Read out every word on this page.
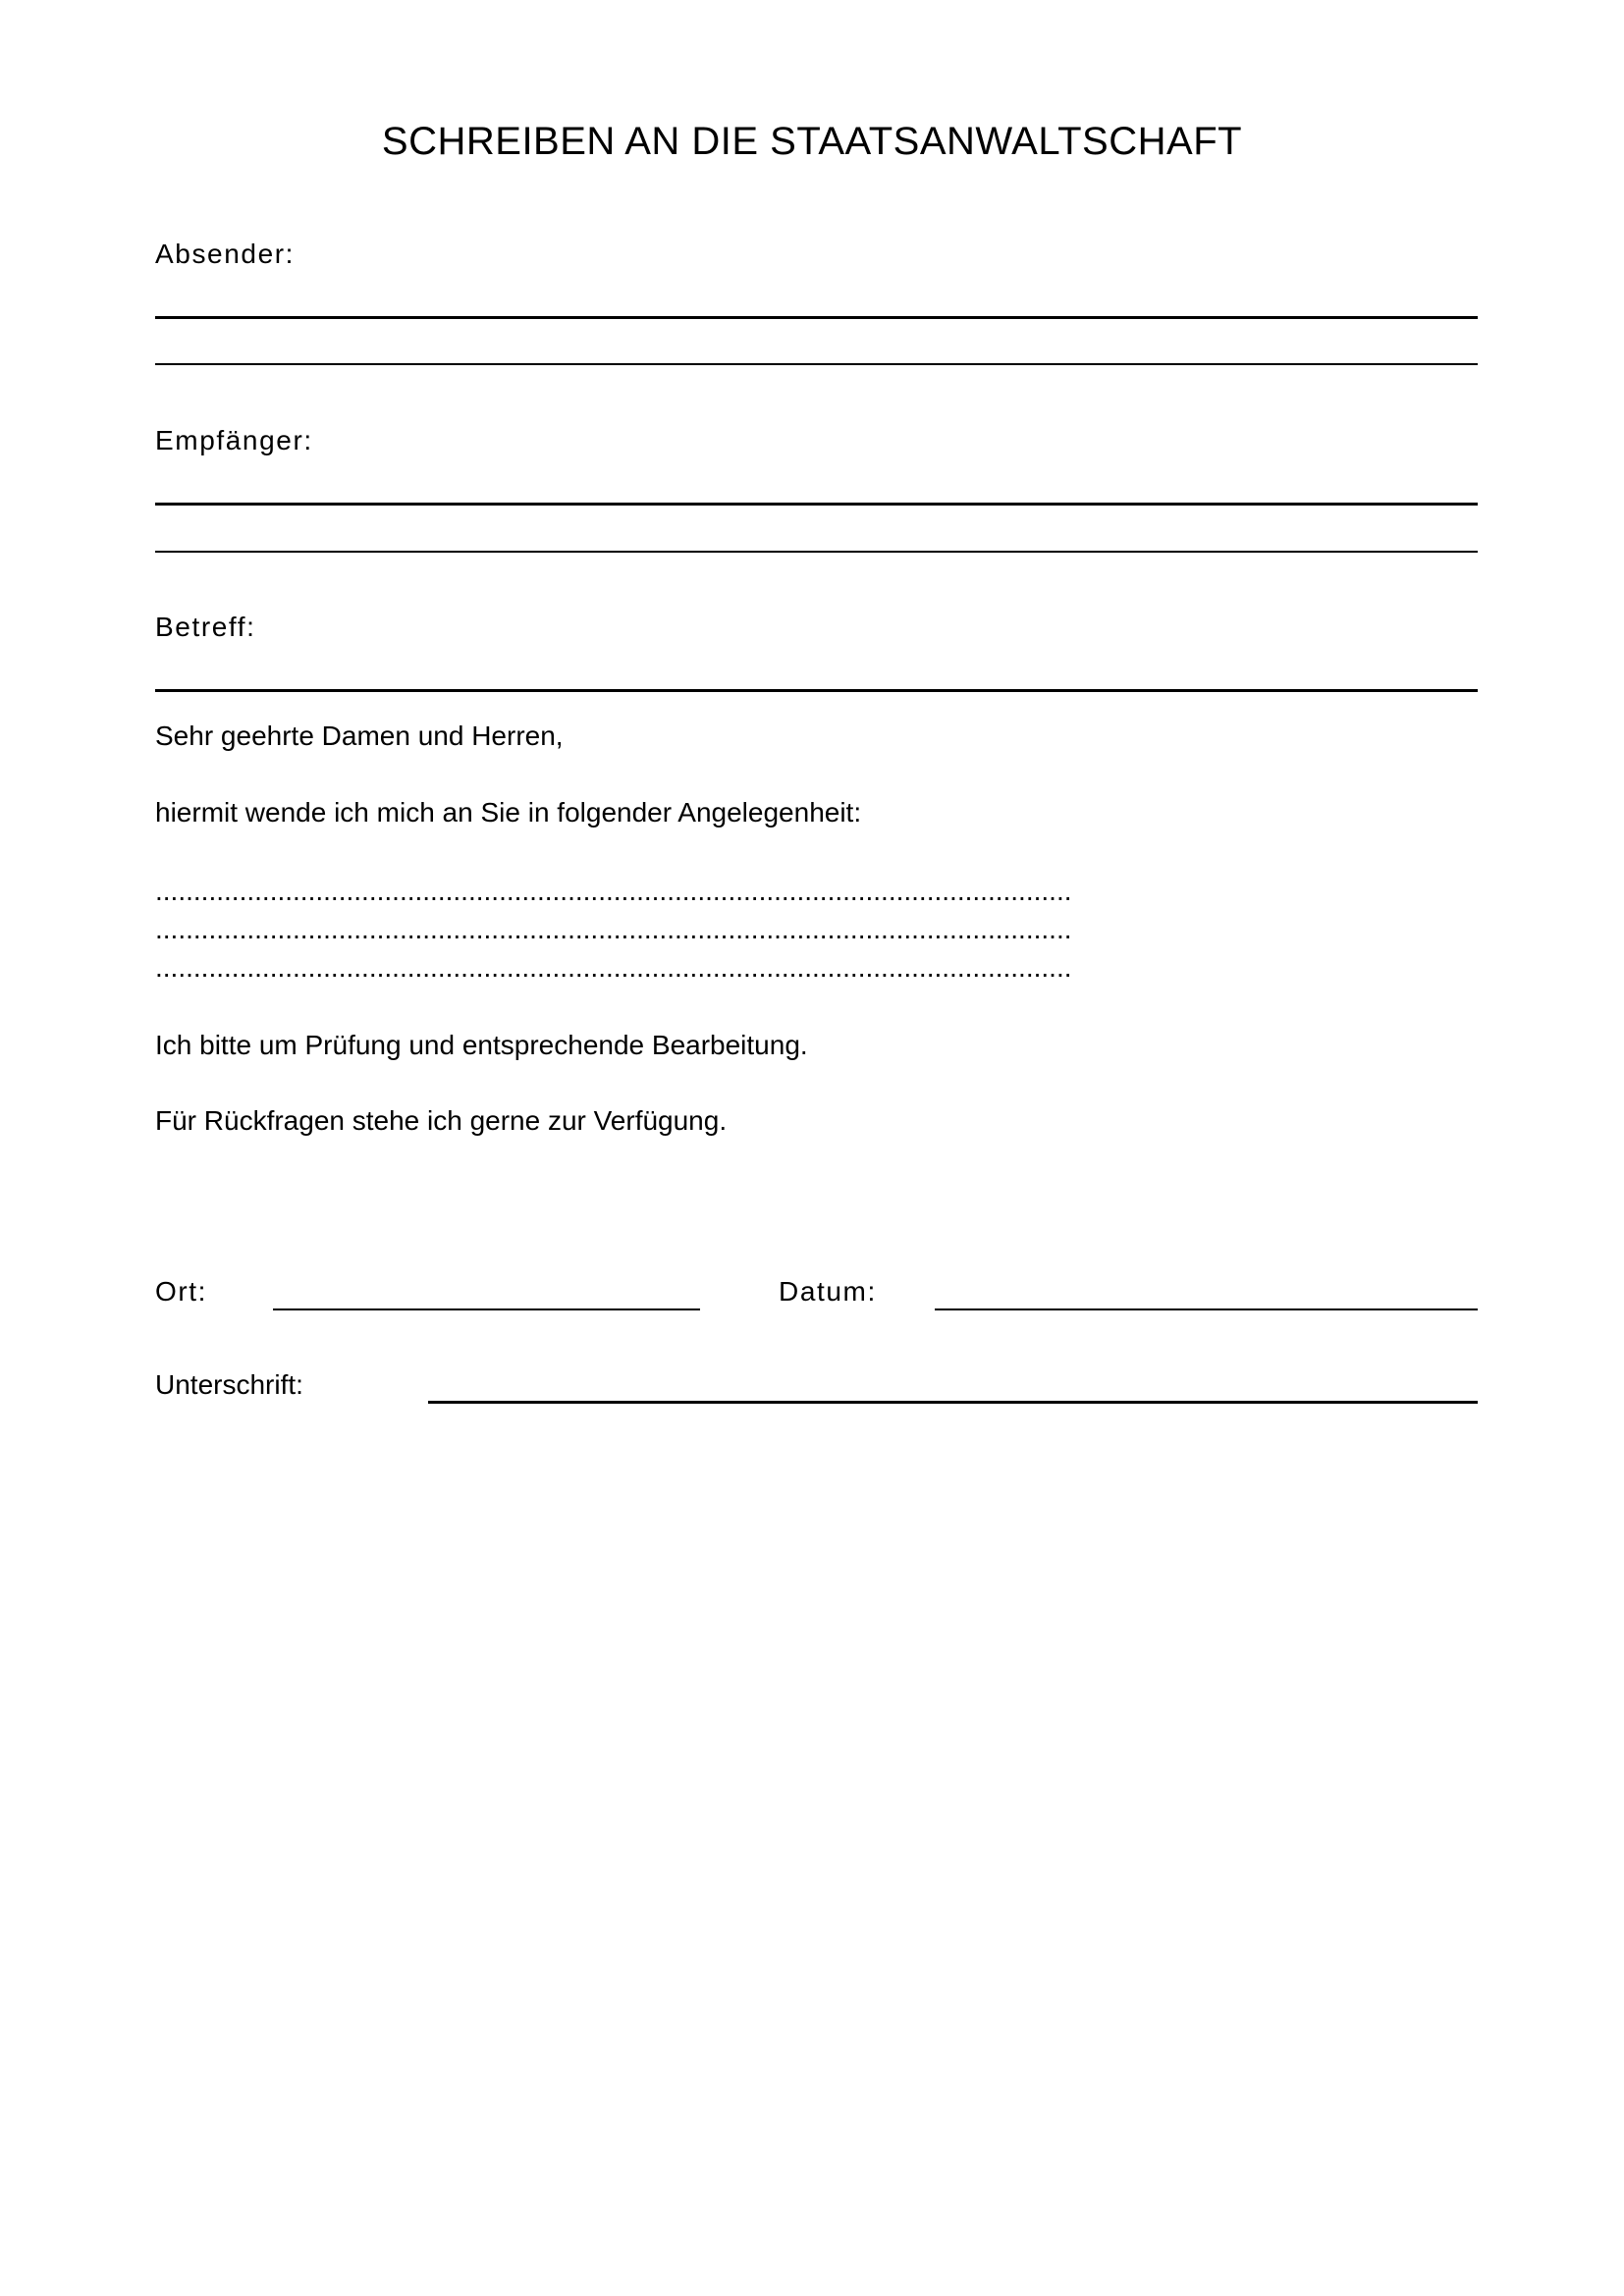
SCHREIBEN AN DIE STAATSANWALTSCHAFT
Absender:
Empfänger:
Betreff:
Sehr geehrte Damen und Herren,
hiermit wende ich mich an Sie in folgender Angelegenheit:
........................................................................................................................
........................................................................................................................
........................................................................................................................
Ich bitte um Prüfung und entsprechende Bearbeitung.
Für Rückfragen stehe ich gerne zur Verfügung.
Ort:	Datum:
Unterschrift:
